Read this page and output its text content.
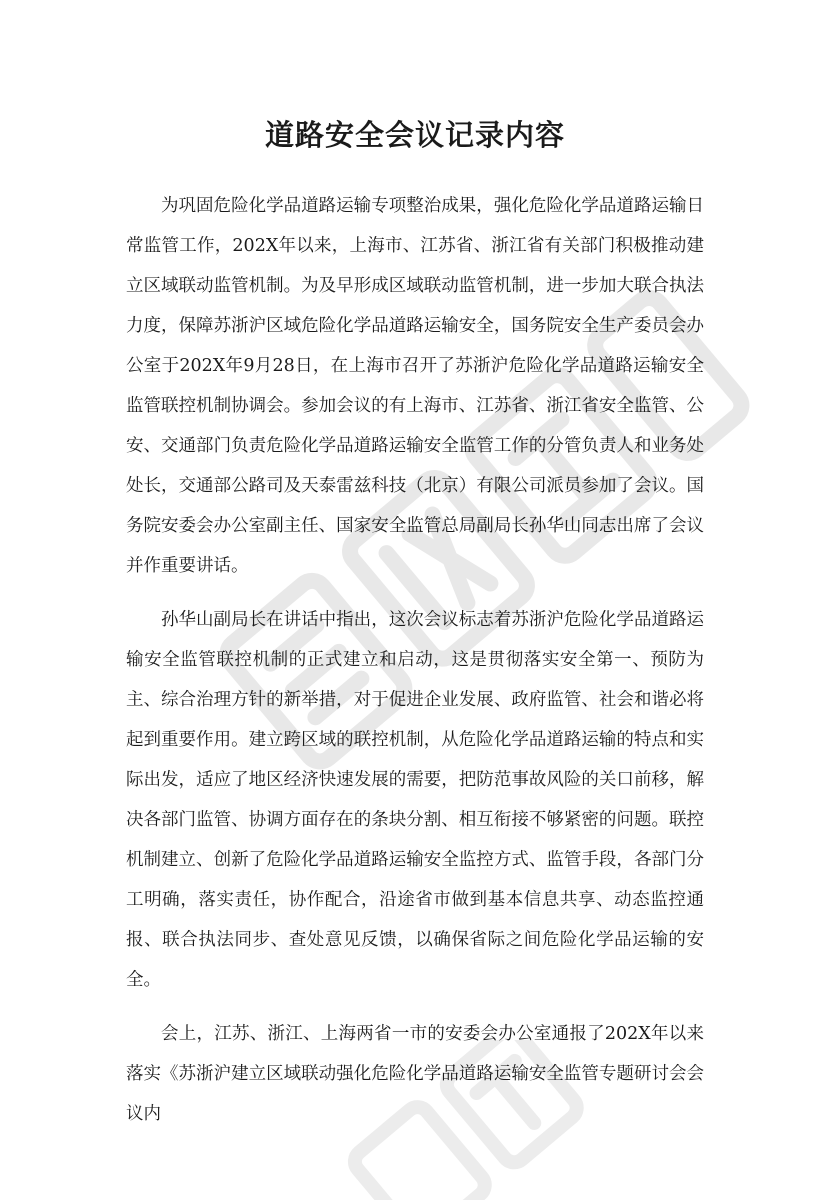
道路安全会议记录内容

为巩固危险化学品道路运输专项整治成果，强化危险化学品道路运输日常监管工作，202X年以来，上海市、江苏省、浙江省有关部门积极推动建立区域联动监管机制。为及早形成区域联动监管机制，进一步加大联合执法力度，保障苏浙沪区域危险化学品道路运输安全，国务院安全生产委员会办公室于202X年9月28日，在上海市召开了苏浙沪危险化学品道路运输安全监管联控机制协调会。参加会议的有上海市、江苏省、浙江省安全监管、公安、交通部门负责危险化学品道路运输安全监管工作的分管负责人和业务处处长，交通部公路司及天泰雷兹科技（北京）有限公司派员参加了会议。国务院安委会办公室副主任、国家安全监管总局副局长孙华山同志出席了会议并作重要讲话。

孙华山副局长在讲话中指出，这次会议标志着苏浙沪危险化学品道路运输安全监管联控机制的正式建立和启动，这是贯彻落实安全第一、预防为主、综合治理方针的新举措，对于促进企业发展、政府监管、社会和谐必将起到重要作用。建立跨区域的联控机制，从危险化学品道路运输的特点和实际出发，适应了地区经济快速发展的需要，把防范事故风险的关口前移，解决各部门监管、协调方面存在的条块分割、相互衔接不够紧密的问题。联控机制建立、创新了危险化学品道路运输安全监控方式、监管手段，各部门分工明确，落实责任，协作配合，沿途省市做到基本信息共享、动态监控通报、联合执法同步、查处意见反馈，以确保省际之间危险化学品运输的安全。

会上，江苏、浙江、上海两省一市的安委会办公室通报了202X年以来落实《苏浙沪建立区域联动强化危险化学品道路运输安全监管专题研讨会会议内
